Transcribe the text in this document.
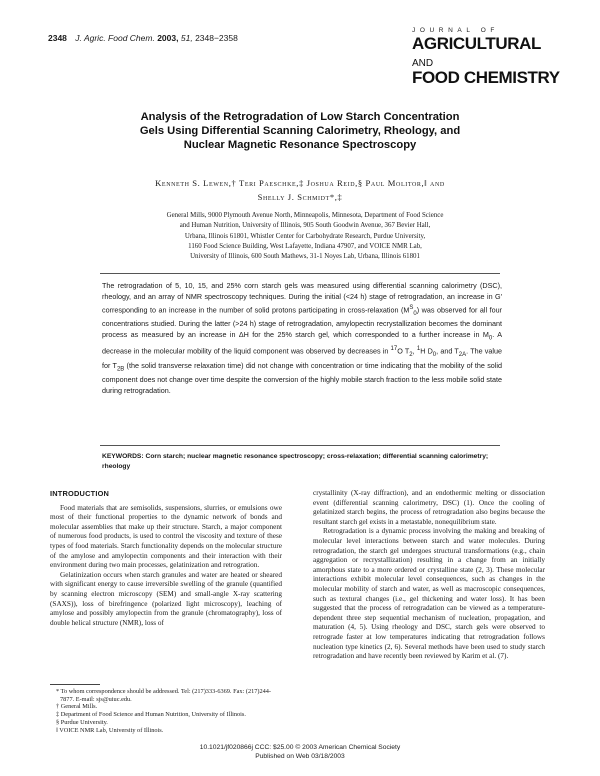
2348 J. Agric. Food Chem. 2003, 51, 2348−2358
JOURNAL OF
AGRICULTURAL AND
FOOD CHEMISTRY
Analysis of the Retrogradation of Low Starch Concentration
Gels Using Differential Scanning Calorimetry, Rheology, and
Nuclear Magnetic Resonance Spectroscopy
Kenneth S. Lewen,† Teri Paeschke,‡ Joshua Reid,§ Paul Molitor,‖ and
Shelly J. Schmidt*,‡
General Mills, 9000 Plymouth Avenue North, Minneapolis, Minnesota, Department of Food Science
and Human Nutrition, University of Illinois, 905 South Goodwin Avenue, 367 Bevier Hall,
Urbana, Illinois 61801, Whistler Center for Carbohydrate Research, Purdue University,
1160 Food Science Building, West Lafayette, Indiana 47907, and VOICE NMR Lab,
University of Illinois, 600 South Mathews, 31-1 Noyes Lab, Urbana, Illinois 61801

The retrogradation of 5, 10, 15, and 25% corn starch gels was measured using differential scanning calorimetry (DSC), rheology, and an array of NMR spectroscopy techniques. During the initial (<24 h) stage of retrogradation, an increase in G′ corresponding to an increase in the number of solid protons participating in cross-relaxation $(M^S_0)$ was observed for all four concentrations studied. During the latter (>24 h) stage of retrogradation, amylopectin recrystallization becomes the dominant process as measured by an increase in ΔH for the 25% starch gel, which corresponded to a further increase in $M_0$. A decrease in the molecular mobility of the liquid component was observed by decreases in $^{17}$O $T_2$, $^1$H $D_0$, and $T_{2A}$. The value for $T_{2B}$ (the solid transverse relaxation time) did not change with concentration or time indicating that the mobility of the solid component does not change over time despite the conversion of the highly mobile starch fraction to the less mobile solid state during retrogradation.

KEYWORDS: Corn starch; nuclear magnetic resonance spectroscopy; cross-relaxation; differential scanning calorimetry; rheology
INTRODUCTION

Food materials that are semisolids, suspensions, slurries, or emulsions owe most of their functional properties to the dynamic network of bonds and molecular assemblies that make up their structure. Starch, a major component of numerous food products, is used to control the viscosity and texture of these types of food materials. Starch functionality depends on the molecular structure of the amylose and amylopectin components and their interaction with their environment during two main processes, gelatinization and retrogration.

Gelatinization occurs when starch granules and water are heated or sheared with significant energy to cause irreversible swelling of the granule (quantified by scanning electron microscopy (SEM) and small-angle X-ray scattering (SAXS)), loss of birefringence (polarized light microscopy), leaching of amylose and possibly amylopectin from the granule (chromatography), loss of double helical structure (NMR), loss of

crystallinity (X-ray diffraction), and an endothermic melting or dissociation event (differential scanning calorimetry, DSC) (1). Once the cooling of gelatinized starch begins, the process of retrogradation also begins because the resultant starch gel exists in a metastable, nonequilibrium state.

Retrogradation is a dynamic process involving the making and breaking of molecular level interactions between starch and water molecules. During retrogradation, the starch gel undergoes structural transformations (e.g., chain aggregation or recrystallization) resulting in a change from an initially amorphous state to a more ordered or crystalline state (2, 3). These molecular interactions exhibit molecular level consequences, such as changes in the molecular mobility of starch and water, as well as macroscopic consequences, such as textural changes (i.e., gel thickening and water loss). It has been suggested that the process of retrogradation can be viewed as a temperature-dependent three step sequential mechanism of nucleation, propagation, and maturation (4, 5). Using rheology and DSC, starch gels were observed to retrograde faster at low temperatures indicating that retrogradation follows nucleation type kinetics (2, 6). Several methods have been used to study starch retrogradation and have recently been reviewed by Karim et al. (7).

* To whom correspondence should be addressed. Tel: (217)333-6369. Fax: (217)244-7877. E-mail: sjs@uiuc.edu.
† General Mills.
‡ Department of Food Science and Human Nutrition, University of Illinois.
§ Purdue University.
‖ VOICE NMR Lab, University of Illinois.
10.1021/jf020866j CCC: $25.00 © 2003 American Chemical Society
Published on Web 03/18/2003
